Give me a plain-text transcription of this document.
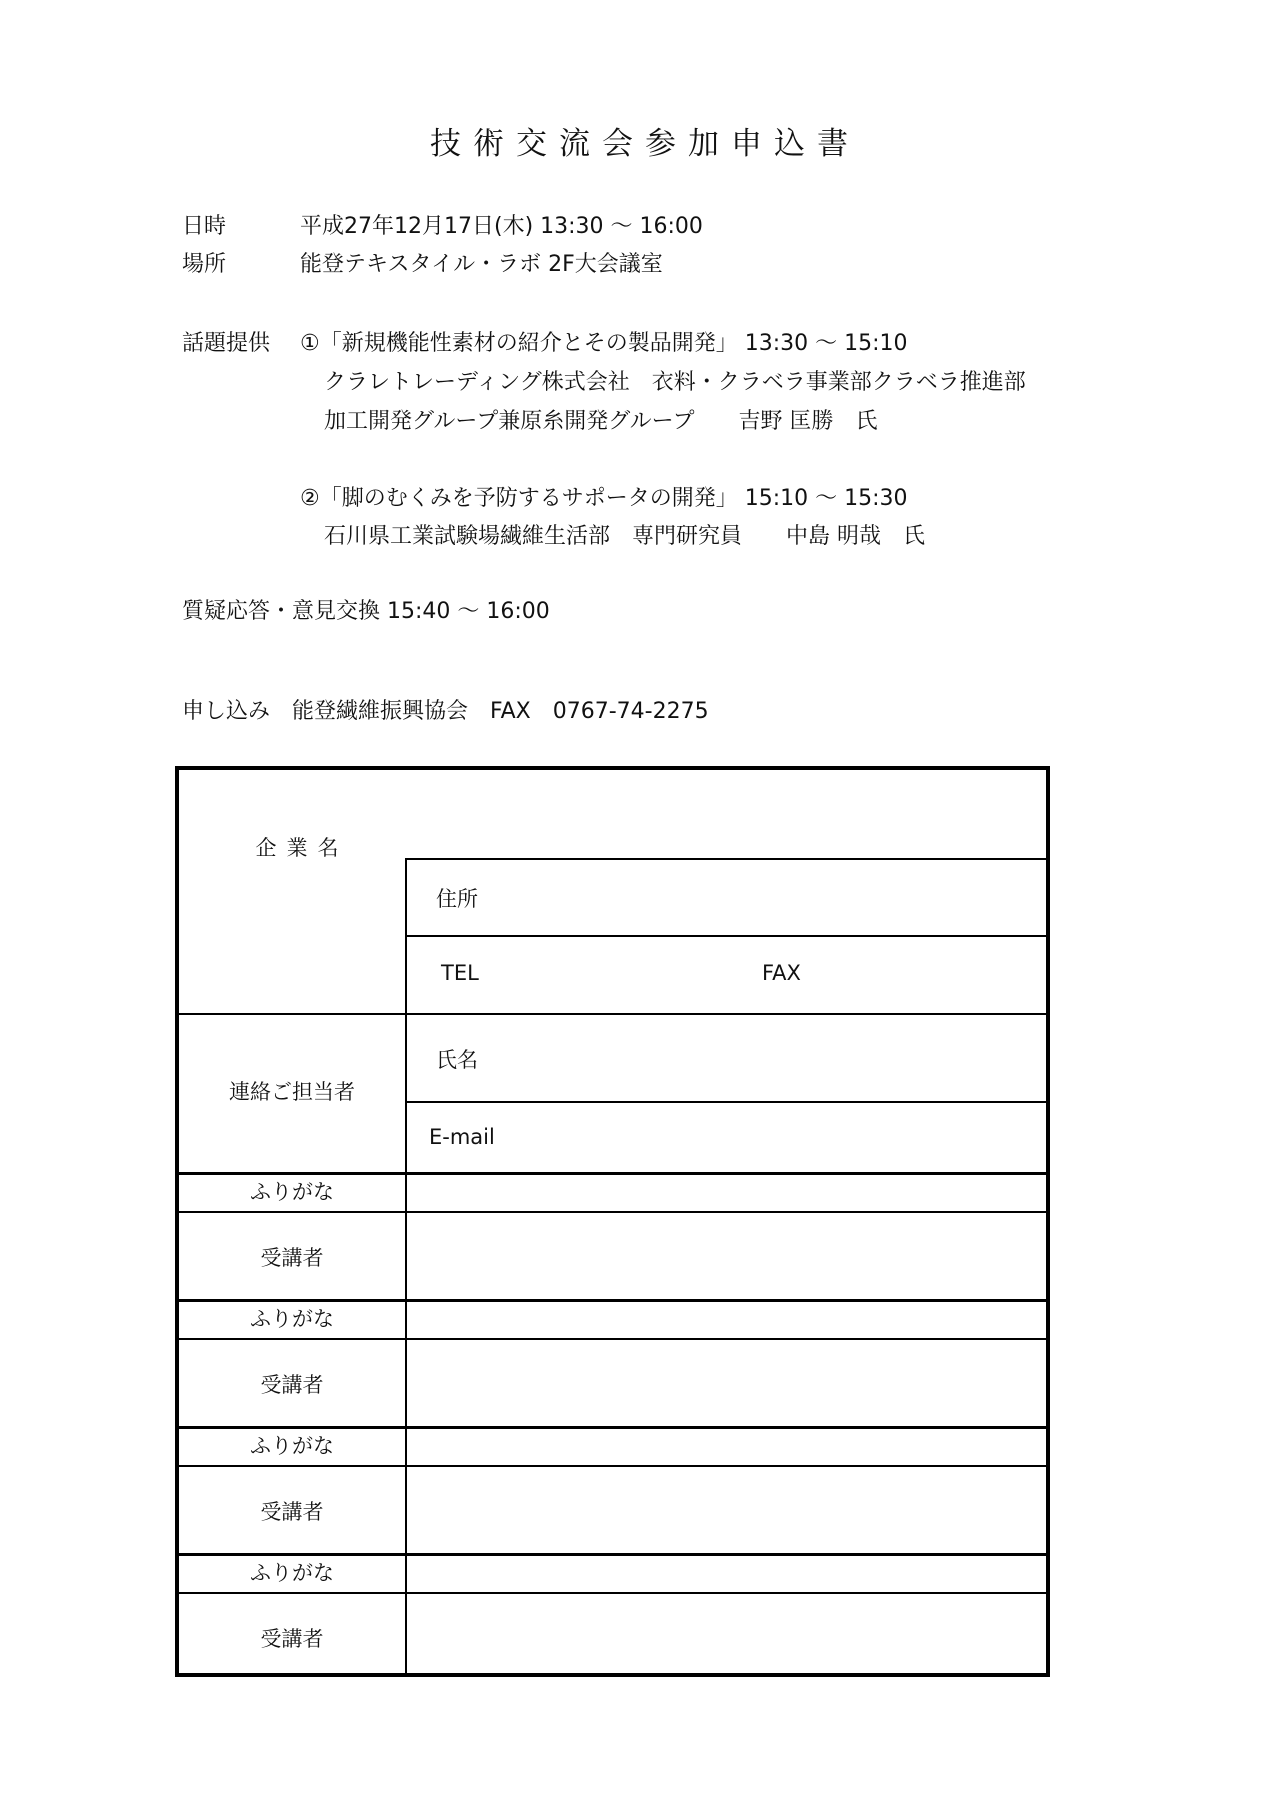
技術交流会参加申込書
日時	平成27年12月17日(木) 13:30 ～ 16:00
場所	能登テキスタイル・ラボ 2F大会議室
話題提供 ①「新規機能性素材の紹介とその製品開発」 13:30 ～ 15:10
クラレトレーディング株式会社　衣料・クラベラ事業部クラベラ推進部
加工開発グループ兼原糸開発グループ　　吉野 匡勝　氏
②「脚のむくみを予防するサポータの開発」 15:10 ～ 15:30
石川県工業試験場繊維生活部　専門研究員　　中島 明哉　氏
質疑応答・意見交換 15:40 ～ 16:00
申し込み　能登繊維振興協会　FAX　0767-74-2275
企業名
住所
TEL	FAX
連絡ご担当者
氏名
E-mail
ふりがな
受講者
ふりがな
受講者
ふりがな
受講者
ふりがな
受講者
